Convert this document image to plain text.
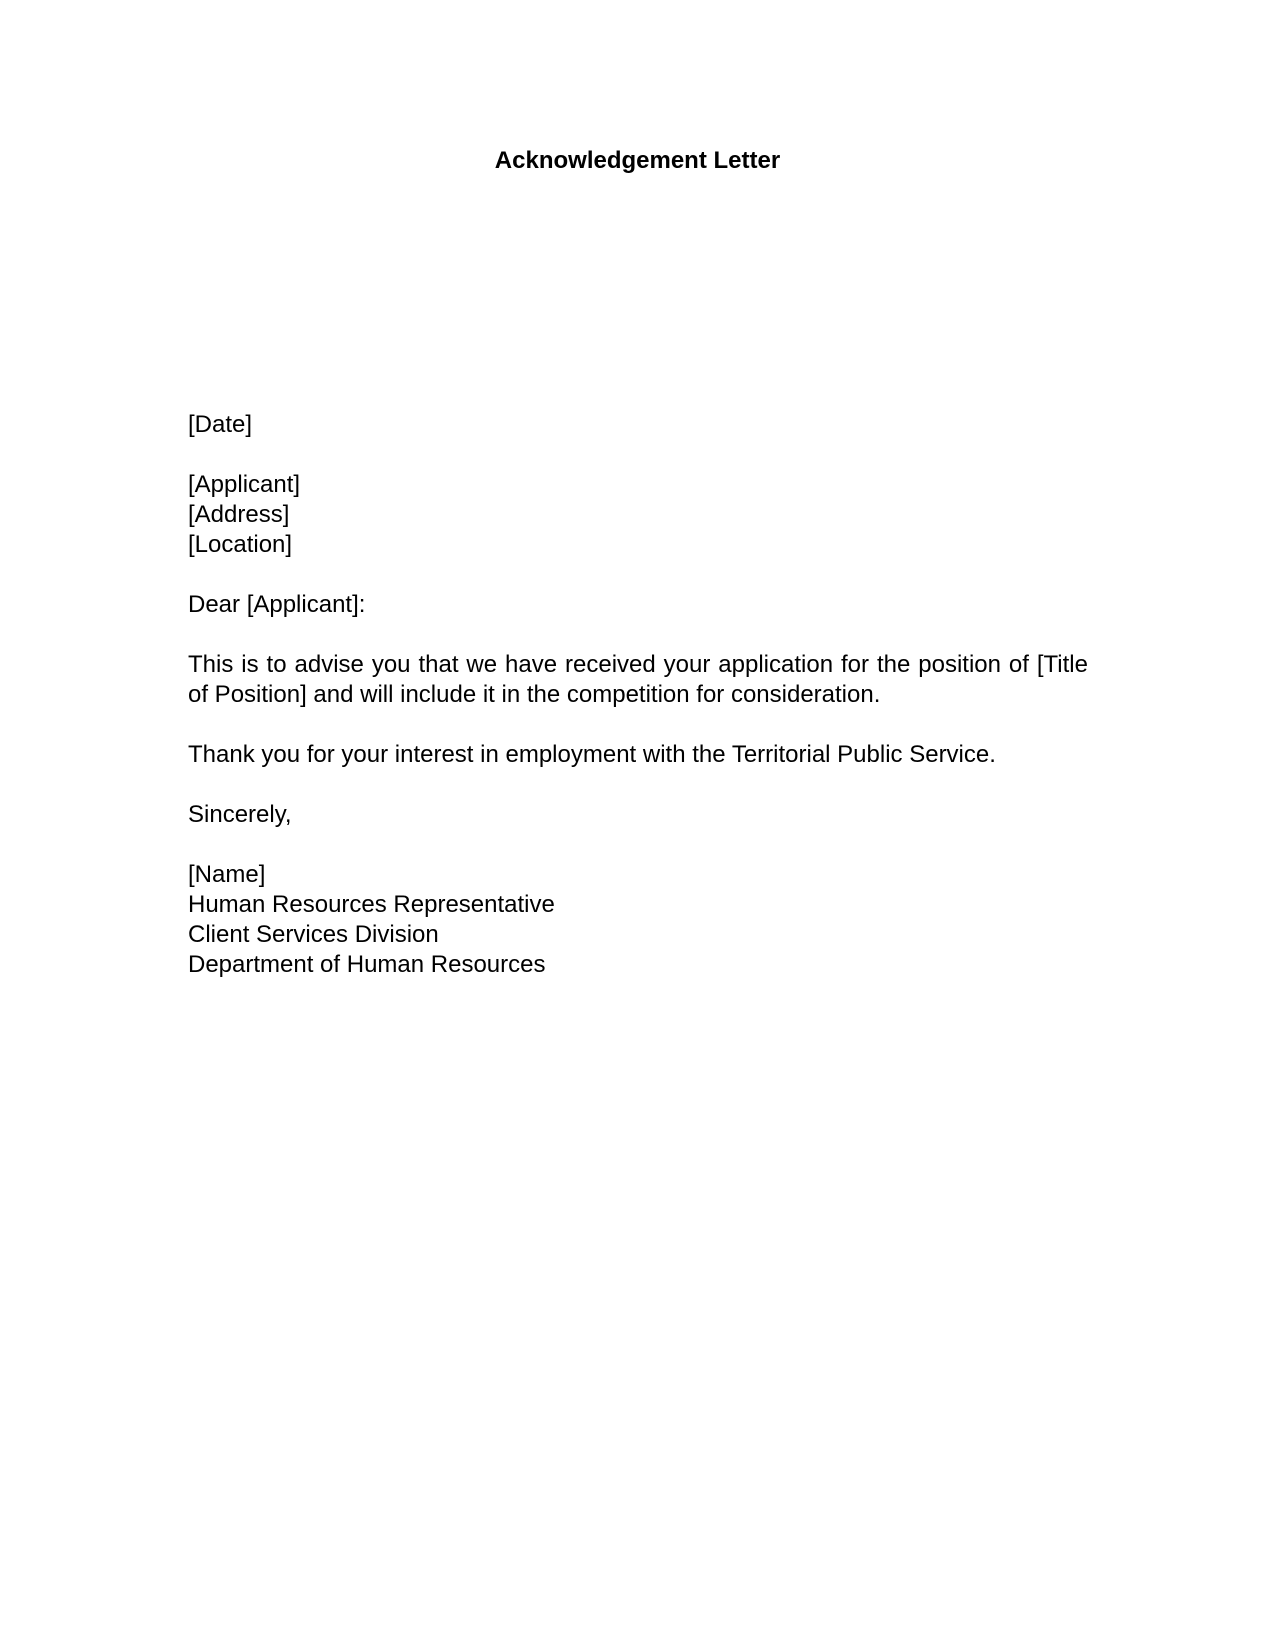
Acknowledgement Letter

[Date]

[Applicant]
[Address]
[Location]

Dear [Applicant]:

This is to advise you that we have received your application for the position of [Title of Position] and will include it in the competition for consideration.

Thank you for your interest in employment with the Territorial Public Service.

Sincerely,

[Name]
Human Resources Representative
Client Services Division
Department of Human Resources
